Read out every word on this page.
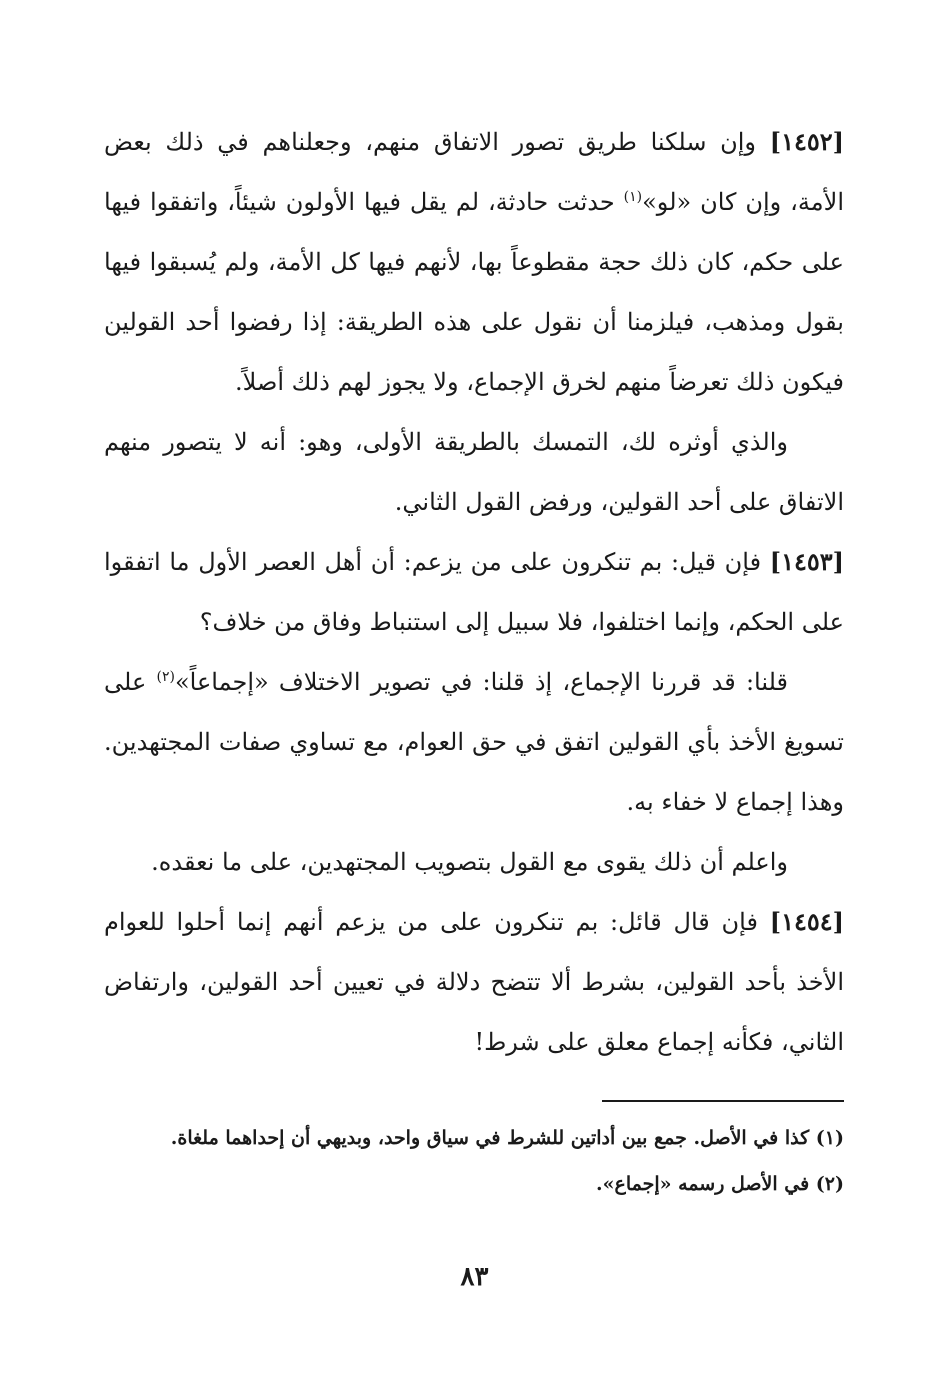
[١٤٥٢] وإن سلكنا طريق تصور الاتفاق منهم، وجعلناهم في ذلك بعض الأمة، وإن كان «لو»$^{(١)}$ حدثت حادثة، لم يقل فيها الأولون شيئاً، واتفقوا فيها على حكم، كان ذلك حجة مقطوعاً بها، لأنهم فيها كل الأمة، ولم يُسبقوا فيها بقول ومذهب، فيلزمنا أن نقول على هذه الطريقة: إذا رفضوا أحد القولين فيكون ذلك تعرضاً منهم لخرق الإجماع، ولا يجوز لهم ذلك أصلاً.

والذي أوثره لك، التمسك بالطريقة الأولى، وهو: أنه لا يتصور منهم الاتفاق على أحد القولين، ورفض القول الثاني.

[١٤٥٣] فإن قيل: بم تنكرون على من يزعم: أن أهل العصر الأول ما اتفقوا على الحكم، وإنما اختلفوا، فلا سبيل إلى استنباط وفاق من خلاف؟

قلنا: قد قررنا الإجماع، إذ قلنا: في تصوير الاختلاف «إجماعاً»$^{(٢)}$ على تسويغ الأخذ بأي القولين اتفق في حق العوام، مع تساوي صفات المجتهدين. وهذا إجماع لا خفاء به.

واعلم أن ذلك يقوى مع القول بتصويب المجتهدين، على ما نعقده.

[١٤٥٤] فإن قال قائل: بم تنكرون على من يزعم أنهم إنما أحلوا للعوام الأخذ بأحد القولين، بشرط ألا تتضح دلالة في تعيين أحد القولين، وارتفاض الثاني، فكأنه إجماع معلق على شرط!

(١) كذا في الأصل. جمع بين أداتين للشرط في سياق واحد، وبديهي أن إحداهما ملغاة.

(٢) في الأصل رسمه «إجماع».

٨٣
